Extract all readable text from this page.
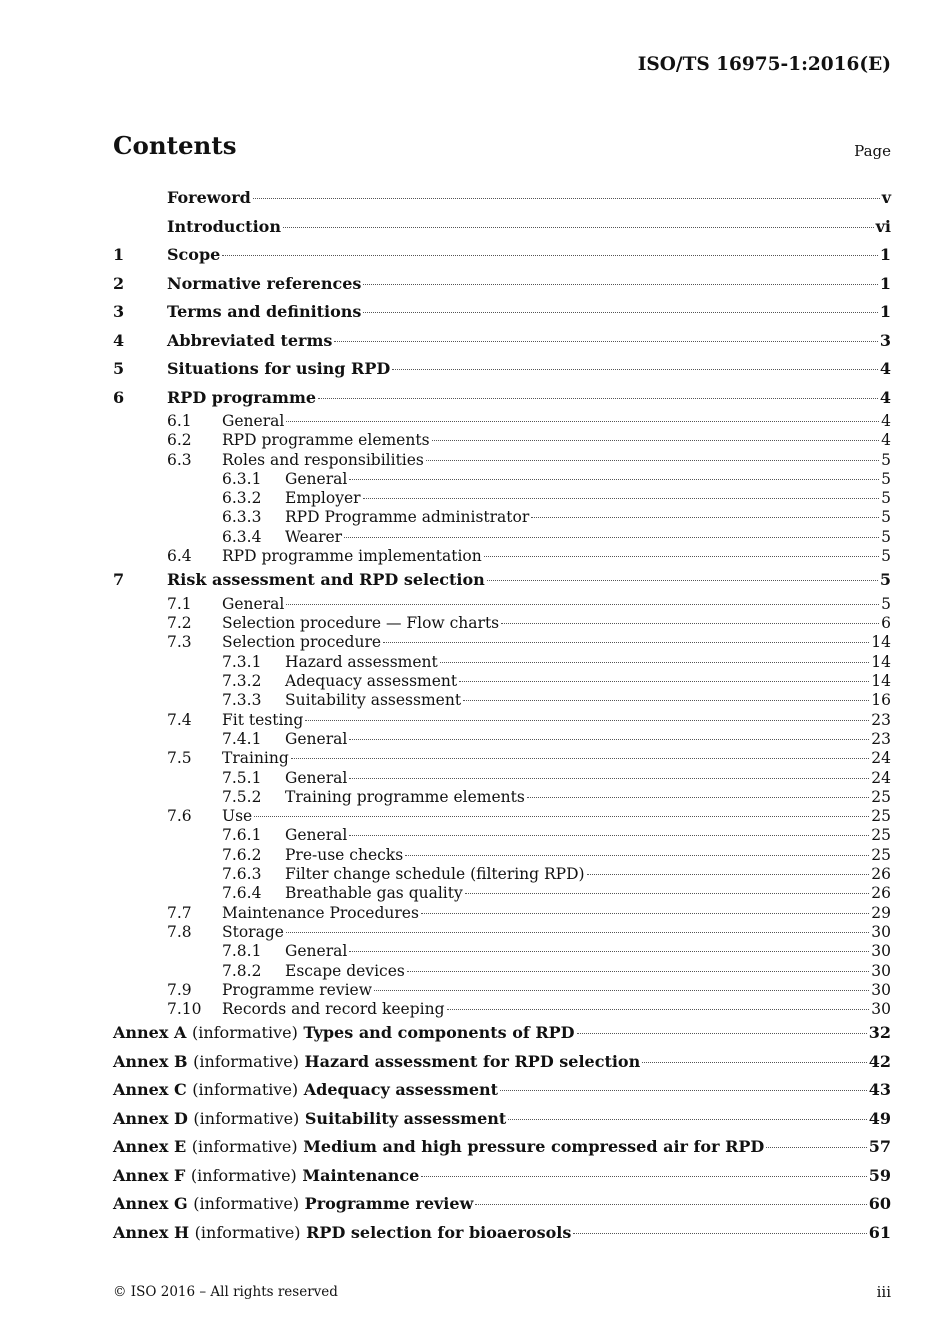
ISO/TS 16975-1:2016(E)
Contents	Page
Foreword	v
Introduction	vi
1	Scope	1
2	Normative references	1
3	Terms and definitions	1
4	Abbreviated terms	3
5	Situations for using RPD	4
6	RPD programme	4
6.1	General	4
6.2	RPD programme elements	4
6.3	Roles and responsibilities	5
6.3.1	General	5
6.3.2	Employer	5
6.3.3	RPD Programme administrator	5
6.3.4	Wearer	5
6.4	RPD programme implementation	5
7	Risk assessment and RPD selection	5
7.1	General	5
7.2	Selection procedure — Flow charts	6
7.3	Selection procedure	14
7.3.1	Hazard assessment	14
7.3.2	Adequacy assessment	14
7.3.3	Suitability assessment	16
7.4	Fit testing	23
7.4.1	General	23
7.5	Training	24
7.5.1	General	24
7.5.2	Training programme elements	25
7.6	Use	25
7.6.1	General	25
7.6.2	Pre-use checks	25
7.6.3	Filter change schedule (filtering RPD)	26
7.6.4	Breathable gas quality	26
7.7	Maintenance Procedures	29
7.8	Storage	30
7.8.1	General	30
7.8.2	Escape devices	30
7.9	Programme review	30
7.10	Records and record keeping	30
Annex A (informative) Types and components of RPD	32
Annex B (informative) Hazard assessment for RPD selection	42
Annex C (informative) Adequacy assessment	43
Annex D (informative) Suitability assessment	49
Annex E (informative) Medium and high pressure compressed air for RPD	57
Annex F (informative) Maintenance	59
Annex G (informative) Programme review	60
Annex H (informative) RPD selection for bioaerosols	61
© ISO 2016 – All rights reserved	iii
